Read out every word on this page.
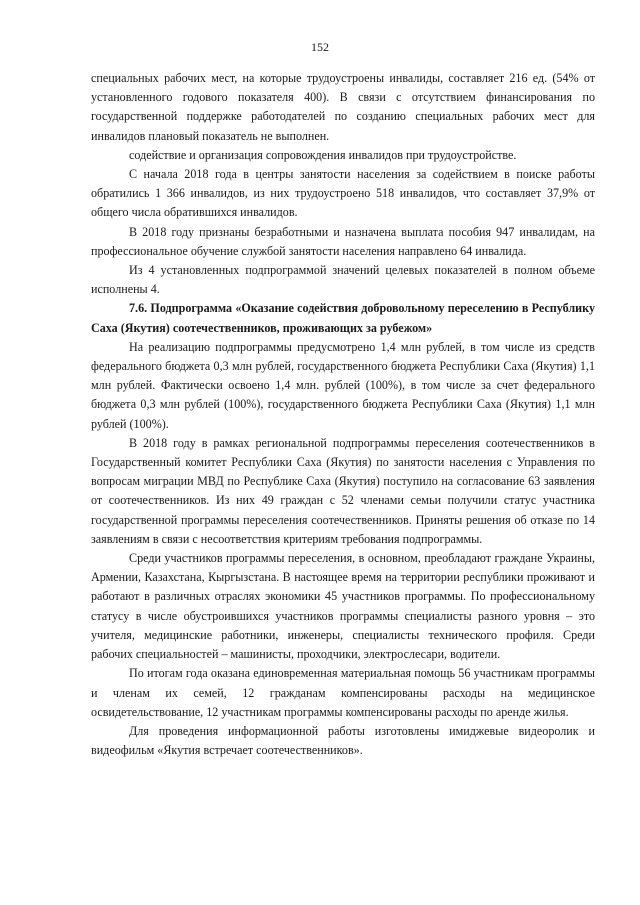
152

специальных рабочих мест, на которые трудоустроены инвалиды, составляет 216 ед. (54% от установленного годового показателя 400). В связи с отсутствием финансирования по государственной поддержке работодателей по созданию специальных рабочих мест для инвалидов плановый показатель не выполнен.

содействие и организация сопровождения инвалидов при трудоустройстве.

С начала 2018 года в центры занятости населения за содействием в поиске работы обратились 1 366 инвалидов, из них трудоустроено 518 инвалидов, что составляет 37,9% от общего числа обратившихся инвалидов.

В 2018 году признаны безработными и назначена выплата пособия 947 инвалидам, на профессиональное обучение службой занятости населения направлено 64 инвалида.

Из 4 установленных подпрограммой значений целевых показателей в полном объеме исполнены 4.

7.6. Подпрограмма «Оказание содействия добровольному переселению в Республику Саха (Якутия) соотечественников, проживающих за рубежом»

На реализацию подпрограммы предусмотрено 1,4 млн рублей, в том числе из средств федерального бюджета 0,3 млн рублей, государственного бюджета Республики Саха (Якутия) 1,1 млн рублей. Фактически освоено 1,4 млн. рублей (100%), в том числе за счет федерального бюджета 0,3 млн рублей (100%), государственного бюджета Республики Саха (Якутия) 1,1 млн рублей (100%).

В 2018 году в рамках региональной подпрограммы переселения соотечественников в Государственный комитет Республики Саха (Якутия) по занятости населения с Управления по вопросам миграции МВД по Республике Саха (Якутия) поступило на согласование 63 заявления от соотечественников. Из них 49 граждан с 52 членами семьи получили статус участника государственной программы переселения соотечественников. Приняты решения об отказе по 14 заявлениям в связи с несоответствия критериям требования подпрограммы.

Среди участников программы переселения, в основном, преобладают граждане Украины, Армении, Казахстана, Кыргызстана. В настоящее время на территории республики проживают и работают в различных отраслях экономики 45 участников программы. По профессиональному статусу в числе обустроившихся участников программы специалисты разного уровня – это учителя, медицинские работники, инженеры, специалисты технического профиля. Среди рабочих специальностей – машинисты, проходчики, электрослесари, водители.

По итогам года оказана единовременная материальная помощь 56 участникам программы и членам их семей, 12 гражданам компенсированы расходы на медицинское освидетельствование, 12 участникам программы компенсированы расходы по аренде жилья.

Для проведения информационной работы изготовлены имиджевые видеоролик и видеофильм «Якутия встречает соотечественников».
